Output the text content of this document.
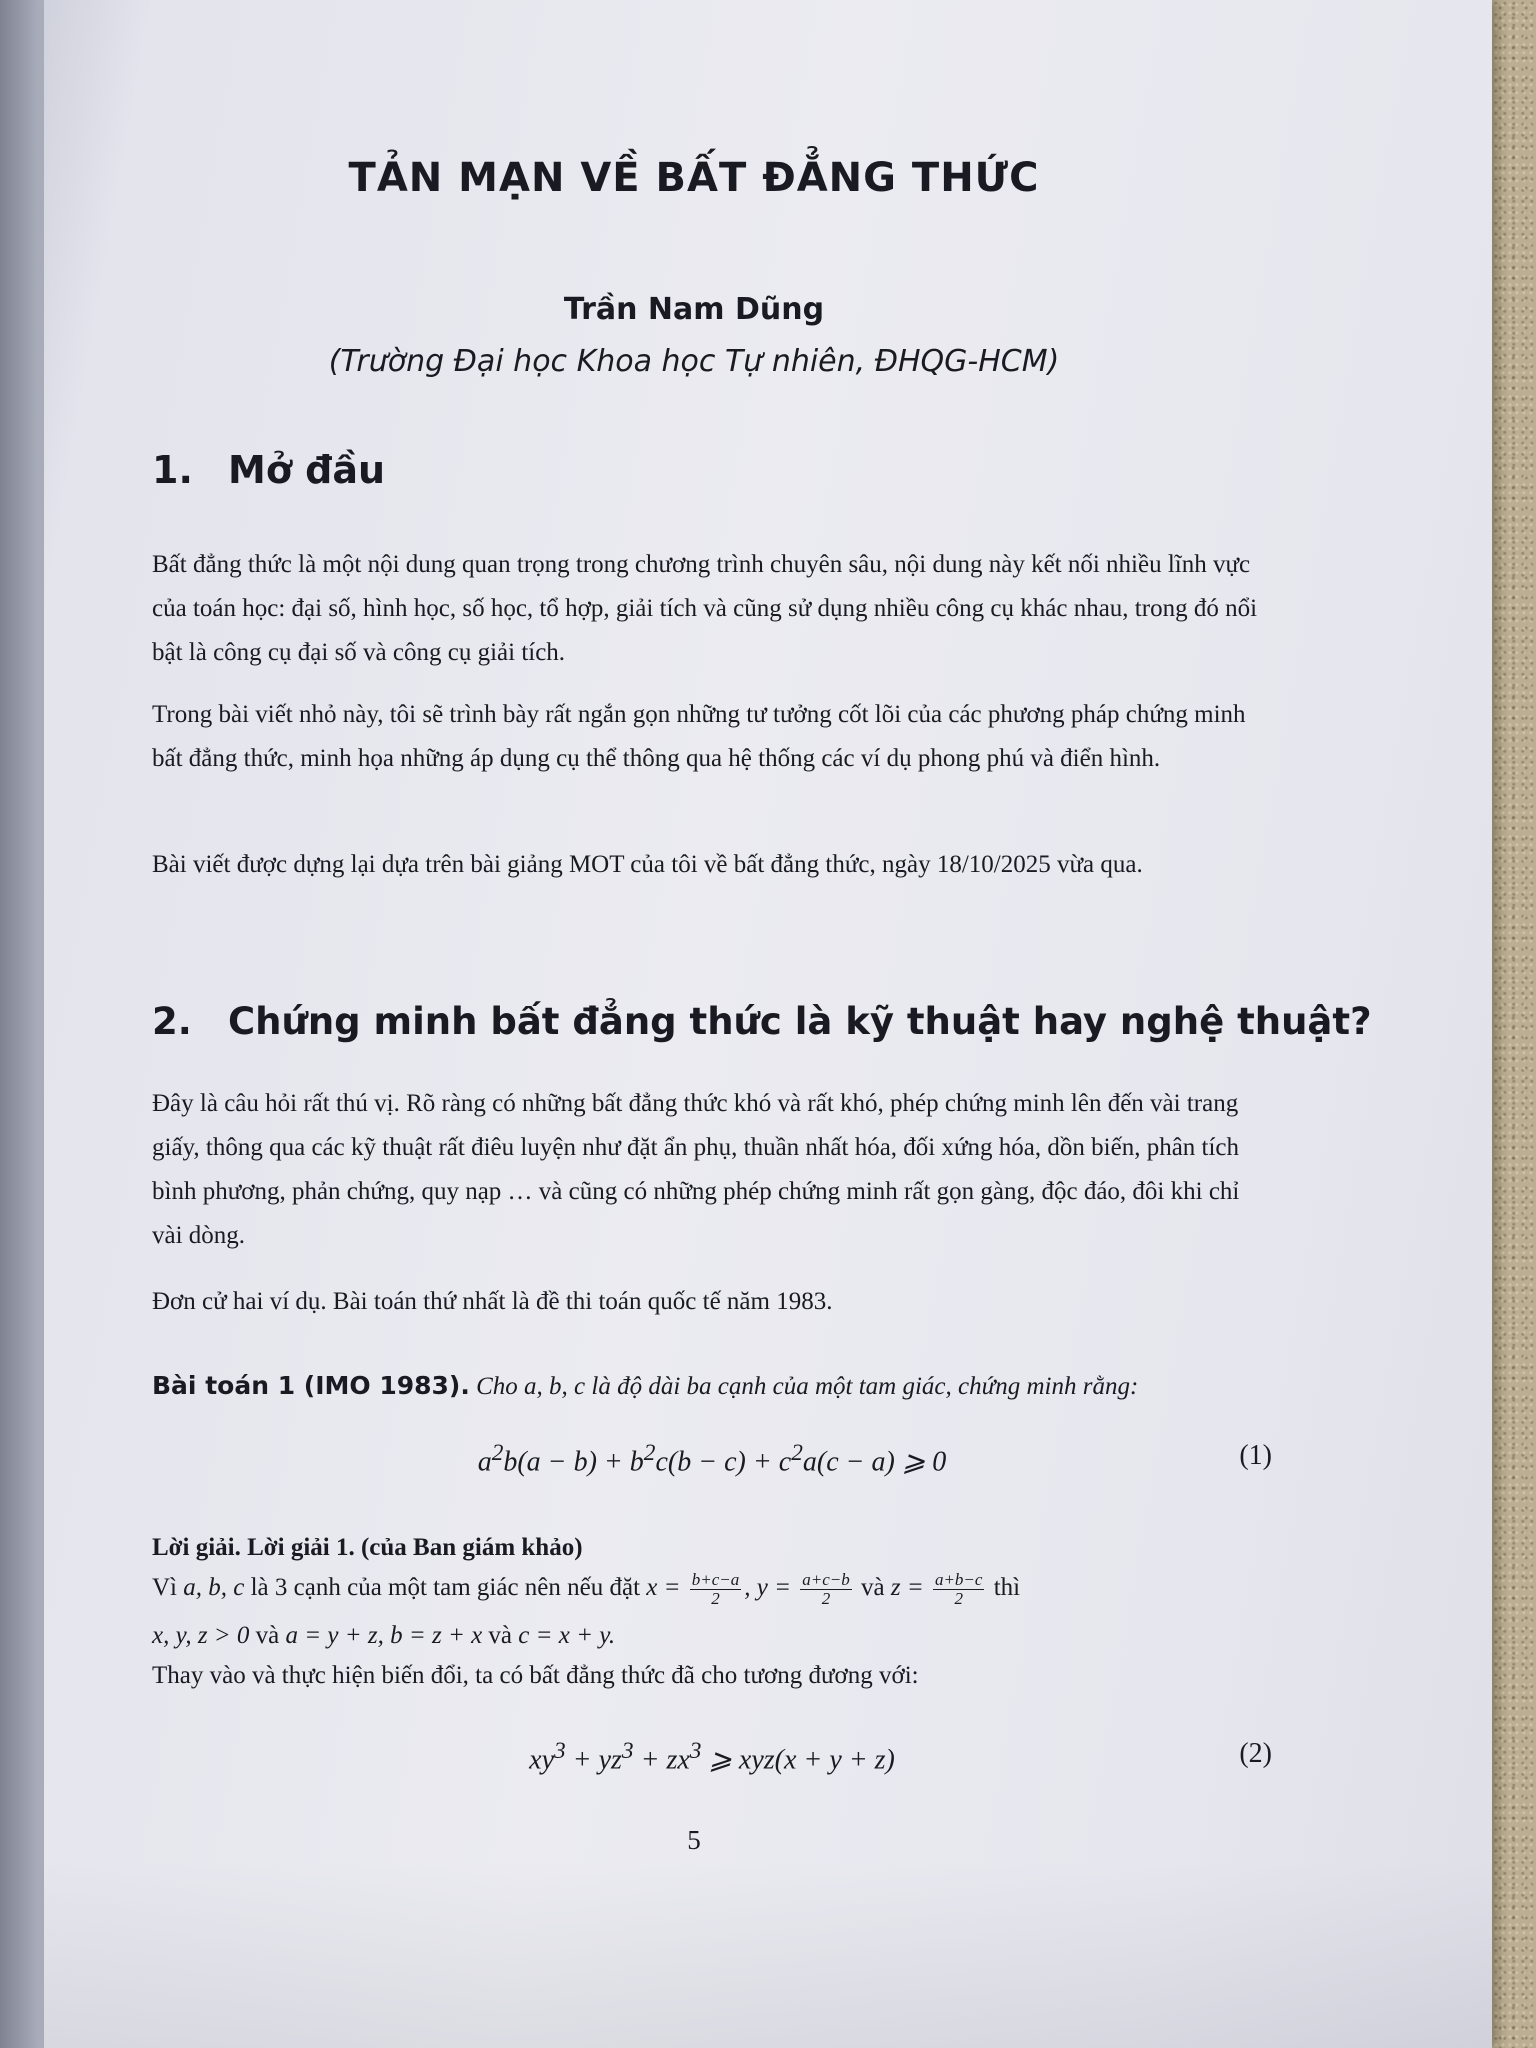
TẢN MẠN VỀ BẤT ĐẲNG THỨC
Trần Nam Dũng
(Trường Đại học Khoa học Tự nhiên, ĐHQG-HCM)
1. Mở đầu

Bất đẳng thức là một nội dung quan trọng trong chương trình chuyên sâu, nội dung này kết nối nhiều lĩnh vực của toán học: đại số, hình học, số học, tổ hợp, giải tích và cũng sử dụng nhiều công cụ khác nhau, trong đó nổi bật là công cụ đại số và công cụ giải tích.

Trong bài viết nhỏ này, tôi sẽ trình bày rất ngắn gọn những tư tưởng cốt lõi của các phương pháp chứng minh bất đẳng thức, minh họa những áp dụng cụ thể thông qua hệ thống các ví dụ phong phú và điển hình.

Bài viết được dựng lại dựa trên bài giảng MOT của tôi về bất đẳng thức, ngày 18/10/2025 vừa qua.

2. Chứng minh bất đẳng thức là kỹ thuật hay nghệ thuật?

Đây là câu hỏi rất thú vị. Rõ ràng có những bất đẳng thức khó và rất khó, phép chứng minh lên đến vài trang giấy, thông qua các kỹ thuật rất điêu luyện như đặt ẩn phụ, thuần nhất hóa, đối xứng hóa, dồn biến, phân tích bình phương, phản chứng, quy nạp … và cũng có những phép chứng minh rất gọn gàng, độc đáo, đôi khi chỉ vài dòng.

Đơn cử hai ví dụ. Bài toán thứ nhất là đề thi toán quốc tế năm 1983.

Bài toán 1 (IMO 1983). Cho a, b, c là độ dài ba cạnh của một tam giác, chứng minh rằng:

$a^2b(a - b) + b^2c(b - c) + c^2a(c - a)$ ⩾ 0	(1)
Lời giải. Lời giải 1. (của Ban giám khảo)
Vì a, b, c là 3 cạnh của một tam giác nên nếu đặt $x = \frac{b+c-a}{2}$ , $y = \frac{a+c-b}{2}$ và $z = \frac{a+b-c}{2}$ thì
x, y, z > 0 và a = y + z, b = z + x và c = x + y.

Thay vào và thực hiện biến đổi, ta có bất đẳng thức đã cho tương đương với:

$xy^3 + yz^3 + zx^3$ ⩾ xyz(x + y + z)	(2)
5
